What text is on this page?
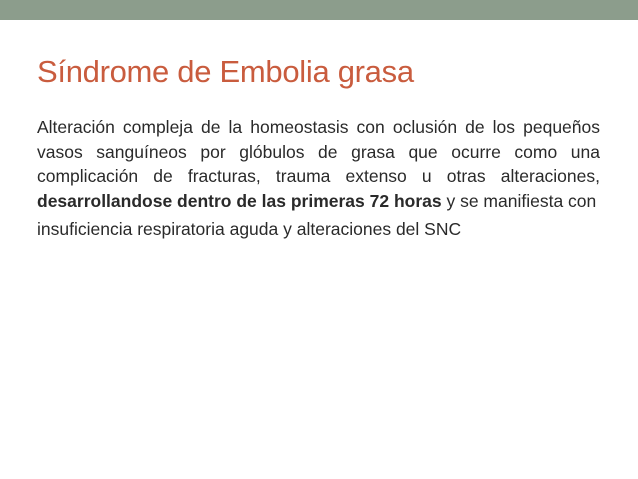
Síndrome de Embolia grasa
Alteración compleja de la homeostasis con oclusión de los pequeños vasos sanguíneos por glóbulos de grasa que ocurre como una complicación de fracturas, trauma extenso u otras alteraciones, desarrollandose dentro de las primeras 72 horas y se manifiesta con
insuficiencia respiratoria aguda y alteraciones del SNC
